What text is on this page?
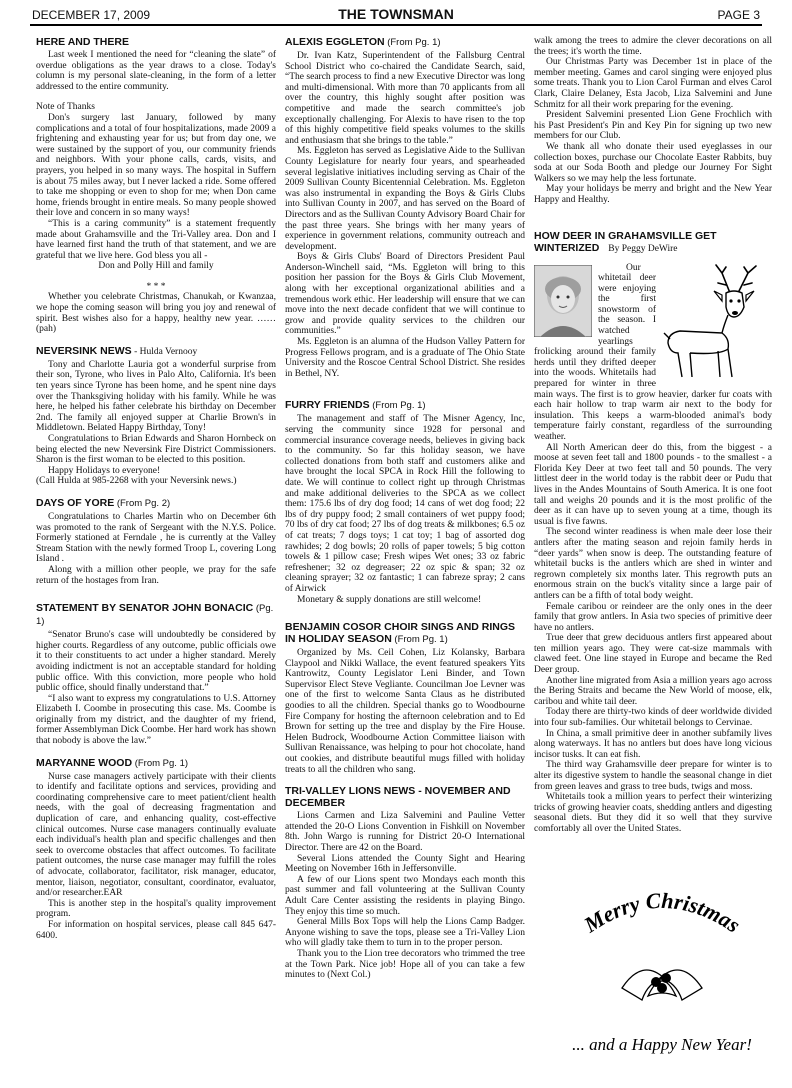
DECEMBER 17, 2009	THE TOWNSMAN	PAGE 3
HERE AND THERE

Last week I mentioned the need for “cleaning the slate” of overdue obligations as the year draws to a close. Today's column is my personal slate-cleaning, in the form of a letter addressed to the entire community.

Note of Thanks

Don's surgery last January, followed by many complications and a total of four hospitalizations, made 2009 a frightening and exhausting year for us; but from day one, we were sustained by the support of you, our community friends and neighbors. With your phone calls, cards, visits, and prayers, you helped in so many ways. The hospital in Suffern is about 75 miles away, but I never lacked a ride. Some offered to take me shopping or even to shop for me; when Don came home, friends brought in entire meals. So many people showed their love and concern in so many ways!

“This is a caring community” is a statement frequently made about Grahamsville and the Tri-Valley area. Don and I have learned first hand the truth of that statement, and we are grateful that we live here. God bless you all -

Don and Polly Hill and family

* * *

Whether you celebrate Christmas, Chanukah, or Kwanzaa, we hope the coming season will bring you joy and renewal of spirit. Best wishes also for a happy, healthy new year. …… (pah)

NEVERSINK NEWS - Hulda Vernooy

Tony and Charlotte Lauria got a wonderful surprise from their son, Tyrone, who lives in Palo Alto, California. It's been ten years since Tyrone has been home, and he spent nine days over the Thanksgiving holiday with his family. While he was here, he helped his father celebrate his birthday on December 2nd. The family all enjoyed supper at Charlie Brown's in Middletown. Belated Happy Birthday, Tony!

Congratulations to Brian Edwards and Sharon Hornbeck on being elected the new Neversink Fire District Commissioners. Sharon is the first woman to be elected to this position.

Happy Holidays to everyone!

(Call Hulda at 985-2268 with your Neversink news.)

DAYS OF YORE (From Pg. 2)

Congratulations to Charles Martin who on December 6th was promoted to the rank of Sergeant with the N.Y.S. Police. Formerly stationed at Ferndale , he is currently at the Valley Stream Station with the newly formed Troop L, covering Long Island .

Along with a million other people, we pray for the safe return of the hostages from Iran.

STATEMENT BY SENATOR JOHN BONACIC (Pg. 1)

“Senator Bruno's case will undoubtedly be considered by higher courts. Regardless of any outcome, public officials owe it to their constituents to act under a higher standard. Merely avoiding indictment is not an acceptable standard for holding public office. With this conviction, more people who hold public office, should finally understand that.”

“I also want to express my congratulations to U.S. Attorney Elizabeth I. Coombe in prosecuting this case. Ms. Coombe is originally from my district, and the daughter of my friend, former Assemblyman Dick Coombe. Her hard work has shown that nobody is above the law.”

MARYANNE WOOD (From Pg. 1)

Nurse case managers actively participate with their clients to identify and facilitate options and services, providing and coordinating comprehensive care to meet patient/client health needs, with the goal of decreasing fragmentation and duplication of care, and enhancing quality, cost-effective clinical outcomes. Nurse case managers continually evaluate each individual's health plan and specific challenges and then seek to overcome obstacles that affect outcomes. To facilitate patient outcomes, the nurse case manager may fulfill the roles of advocate, collaborator, facilitator, risk manager, educator, mentor, liaison, negotiator, consultant, coordinator, evaluator, and/or researcher.EAR

This is another step in the hospital's quality improvement program.

For information on hospital services, please call 845 647-6400.

ALEXIS EGGLETON (From Pg. 1)

Dr. Ivan Katz, Superintendent of the Fallsburg Central School District who co-chaired the Candidate Search, said, “The search process to find a new Executive Director was long and multi-dimensional. With more than 70 applicants from all over the country, this highly sought after position was competitive and made the search committee's job exceptionally challenging. For Alexis to have risen to the top of this highly competitive field speaks volumes to the skills and enthusiasm that she brings to the table.”

Ms. Eggleton has served as Legislative Aide to the Sullivan County Legislature for nearly four years, and spearheaded several legislative initiatives including serving as Chair of the 2009 Sullivan County Bicentennial Celebration. Ms. Eggleton was also instrumental in expanding the Boys & Girls Clubs into Sullivan County in 2007, and has served on the Board of Directors and as the Sullivan County Advisory Board Chair for the past three years. She brings with her many years of experience in government relations, community outreach and development.

Boys & Girls Clubs' Board of Directors President Paul Anderson-Winchell said, “Ms. Eggleton will bring to this position her passion for the Boys & Girls Club Movement, along with her exceptional organizational abilities and a tremendous work ethic. Her leadership will ensure that we can move into the next decade confident that we will continue to grow and provide quality services to the children our communities.”

Ms. Eggleton is an alumna of the Hudson Valley Pattern for Progress Fellows program, and is a graduate of The Ohio State University and the Roscoe Central School District. She resides in Bethel, NY.

FURRY FRIENDS (From Pg. 1)

The management and staff of The Misner Agency, Inc, serving the community since 1928 for personal and commercial insurance coverage needs, believes in giving back to the community. So far this holiday season, we have collected donations from both staff and customers alike and have brought the local SPCA in Rock Hill the following to date. We will continue to collect right up through Christmas and make additional deliveries to the SPCA as we collect them: 175.6 lbs of dry dog food; 14 cans of wet dog food; 22 lbs of dry puppy food; 2 small containers of wet puppy food; 70 lbs of dry cat food; 27 lbs of dog treats & milkbones; 6.5 oz of cat treats; 7 dogs toys; 1 cat toy; 1 bag of assorted dog rawhides; 2 dog bowls; 20 rolls of paper towels; 5 big cotton towels & 1 pillow case; Fresh wipes Wet ones; 33 oz fabric refreshener; 32 oz degreaser; 22 oz spic & span; 32 oz cleaning sprayer; 32 oz fantastic; 1 can fabreze spray; 2 cans of Airwick

Monetary & supply donations are still welcome!

BENJAMIN COSOR CHOIR SINGS AND RINGS IN HOLIDAY SEASON (From Pg. 1)

Organized by Ms. Ceil Cohen, Liz Kolansky, Barbara Claypool and Nikki Wallace, the event featured speakers Yits Kantrowitz, County Legislator Leni Binder, and Town Supervisor Elect Steve Vegliante. Councilman Joe Levner was one of the first to welcome Santa Claus as he distributed goodies to all the children. Special thanks go to Woodbourne Fire Company for hosting the afternoon celebration and to Ed Brown for setting up the tree and display by the Fire House. Helen Budrock, Woodbourne Action Committee liaison with Sullivan Renaissance, was helping to pour hot chocolate, hand out cookies, and distribute beautiful mugs filled with holiday treats to all the children who sang.

TRI-VALLEY LIONS NEWS - NOVEMBER AND DECEMBER

Lions Carmen and Liza Salvemini and Pauline Vetter attended the 20-O Lions Convention in Fishkill on November 8th. John Wargo is running for District 20-O International Director. There are 42 on the Board.

Several Lions attended the County Sight and Hearing Meeting on November 16th in Jeffersonville.

A few of our Lions spent two Mondays each month this past summer and fall volunteering at the Sullivan County Adult Care Center assisting the residents in playing Bingo. They enjoy this time so much.

General Mills Box Tops will help the Lions Camp Badger. Anyone wishing to save the tops, please see a Tri-Valley Lion who will gladly take them to turn in to the proper person.

Thank you to the Lion tree decorators who trimmed the tree at the Town Park. Nice job! Hope all of you can take a few minutes to (Next Col.)

walk among the trees to admire the clever decorations on all the trees; it's worth the time.

Our Christmas Party was December 1st in place of the member meeting. Games and carol singing were enjoyed plus some treats. Thank you to Lion Carol Furman and elves Carol Clark, Claire Delaney, Esta Jacob, Liza Salvemini and June Schmitz for all their work preparing for the evening.

President Salvemini presented Lion Gene Frochlich with his Past President's Pin and Key Pin for signing up two new members for our Club.

We thank all who donate their used eyeglasses in our collection boxes, purchase our Chocolate Easter Rabbits, buy soda at our Soda Booth and pledge our Journey For Sight Walkers so we may help the less fortunate.

May your holidays be merry and bright and the New Year Happy and Healthy.

HOW DEER IN GRAHAMSVILLE GET WINTERIZED By Peggy DeWire

Our whitetail deer were enjoying the first snowstorm of the season. I watched yearlings frolicking around their family herds until they drifted deeper into the woods. Whitetails had prepared for winter in three main ways. The first is to grow heavier, darker fur coats with each hair hollow to trap warm air next to the body for insulation. This keeps a warm-blooded animal's body temperature fairly constant, regardless of the surrounding weather.

All North American deer do this, from the biggest - a moose at seven feet tall and 1800 pounds - to the smallest - a Florida Key Deer at two feet tall and 50 pounds. The very littlest deer in the world today is the rabbit deer or Pudu that lives in the Andes Mountains of South America. It is one foot tall and weighs 20 pounds and it is the most prolific of the deer as it can have up to seven young at a time, though its usual is five fawns.

The second winter readiness is when male deer lose their antlers after the mating season and rejoin family herds in “deer yards” when snow is deep. The outstanding feature of whitetail bucks is the antlers which are shed in winter and regrown completely six months later. This regrowth puts an enormous strain on the buck's vitality since a large pair of antlers can be a fifth of total body weight.

Female caribou or reindeer are the only ones in the deer family that grow antlers. In Asia two species of primitive deer have no antlers.

True deer that grew deciduous antlers first appeared about ten million years ago. They were cat-size mammals with clawed feet. One line stayed in Europe and became the Red Deer group.

Another line migrated from Asia a million years ago across the Bering Straits and became the New World of moose, elk, caribou and white tail deer.

Today there are thirty-two kinds of deer worldwide divided into four sub-families. Our whitetail belongs to Cervinae.

In China, a small primitive deer in another subfamily lives along waterways. It has no antlers but does have long vicious incisor tusks. It can eat fish.

The third way Grahamsville deer prepare for winter is to alter its digestive system to handle the seasonal change in diet from green leaves and grass to tree buds, twigs and moss.

Whitetails took a million years to perfect their winterizing tricks of growing heavier coats, shedding antlers and digesting seasonal diets. But they did it so well that they survive comfortably all over the United States.

Merry Christmas
... and a Happy New Year!
